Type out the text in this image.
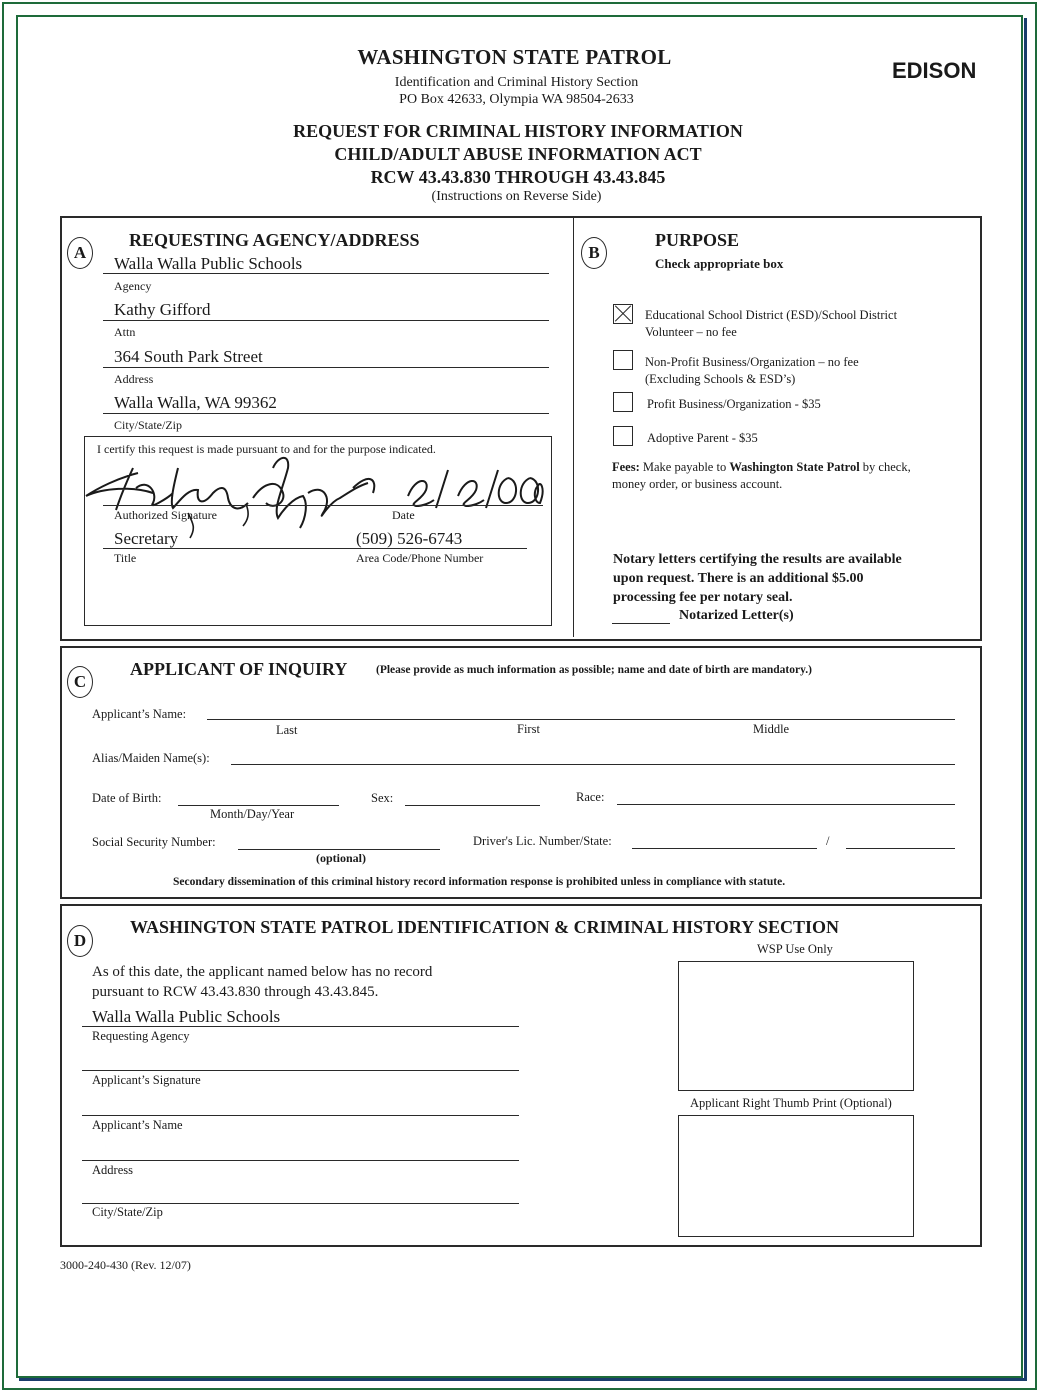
WASHINGTON STATE PATROL
Identification and Criminal History Section
PO Box 42633, Olympia WA 98504-2633
EDISON
REQUEST FOR CRIMINAL HISTORY INFORMATION
CHILD/ADULT ABUSE INFORMATION ACT
RCW 43.43.830 THROUGH 43.43.845
(Instructions on Reverse Side)
A
REQUESTING AGENCY/ADDRESS
Walla Walla Public Schools
Agency
Kathy Gifford
Attn
364 South Park Street
Address
Walla Walla, WA 99362
City/State/Zip
I certify this request is made pursuant to and for the purpose indicated.
Authorized Signature	Date
Secretary	(509) 526-6743
Title	Area Code/Phone Number
B
PURPOSE
Check appropriate box
Educational School District (ESD)/School District
Volunteer – no fee
Non-Profit Business/Organization – no fee
(Excluding Schools & ESD’s)
Profit Business/Organization - $35
Adoptive Parent - $35
Fees: Make payable to Washington State Patrol by check,
money order, or business account.
Notary letters certifying the results are available
upon request. There is an additional $5.00
processing fee per notary seal.
Notarized Letter(s)
C
APPLICANT OF INQUIRY (Please provide as much information as possible; name and date of birth are mandatory.)
Applicant’s Name:
Last	First	Middle
Alias/Maiden Name(s):
Date of Birth:
Month/Day/Year
Sex:	Race:
Social Security Number:
(optional)
Driver's Lic. Number/State:	/
Secondary dissemination of this criminal history record information response is prohibited unless in compliance with statute.
D
WASHINGTON STATE PATROL IDENTIFICATION & CRIMINAL HISTORY SECTION
WSP Use Only
As of this date, the applicant named below has no record
pursuant to RCW 43.43.830 through 43.43.845.
Walla Walla Public Schools
Requesting Agency
Applicant’s Signature
Applicant’s Name
Address
City/State/Zip
Applicant Right Thumb Print (Optional)
3000-240-430 (Rev. 12/07)
